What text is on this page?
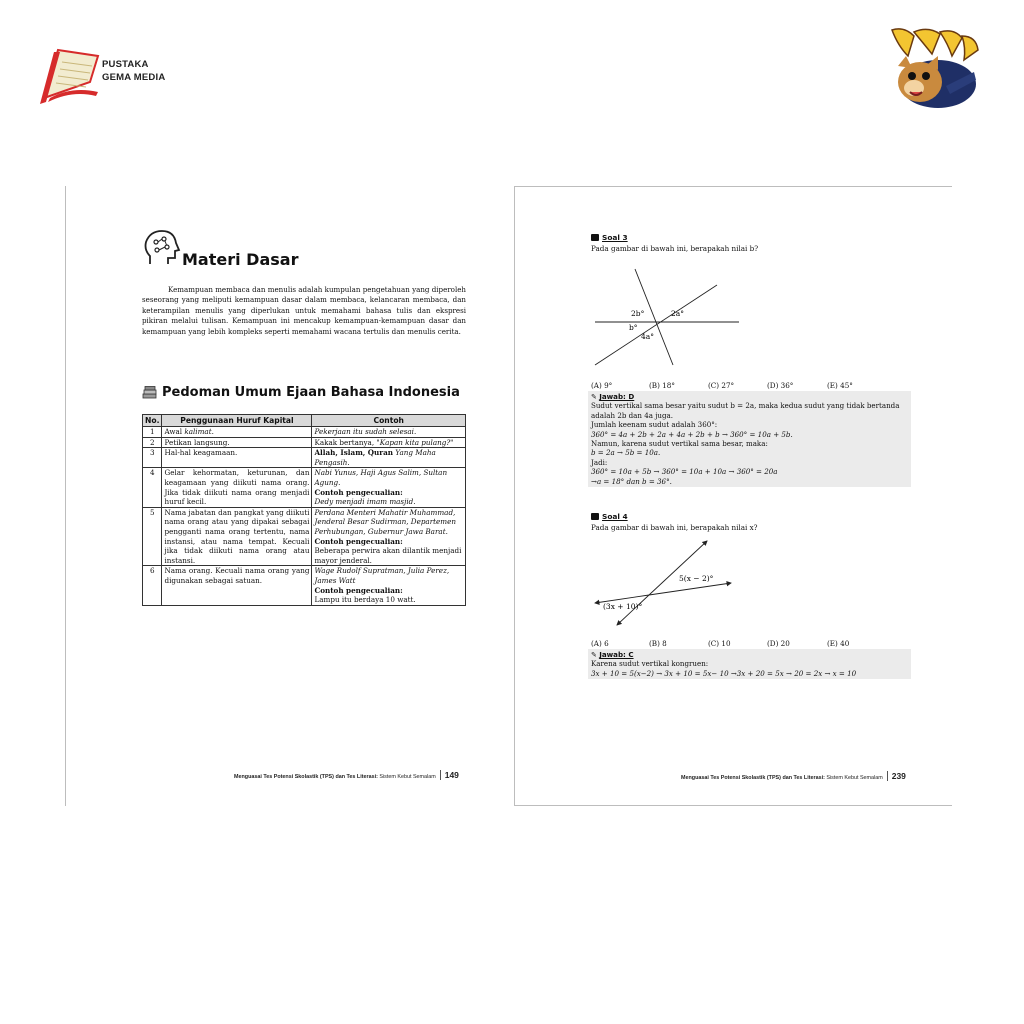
PUSTAKA
GEMA MEDIA
Materi Dasar

Kemampuan membaca dan menulis adalah kumpulan pengetahuan yang diperoleh seseorang yang meliputi kemampuan dasar dalam membaca, kelancaran membaca, dan keterampilan menulis yang diperlukan untuk memahami bahasa tulis dan ekspresi pikiran melalui tulisan. Kemampuan ini mencakup kemampuan-kemampuan dasar dan kemampuan yang lebih kompleks seperti memahami wacana tertulis dan menulis cerita.

Pedoman Umum Ejaan Bahasa Indonesia
No.	Penggunaan Huruf Kapital	Contoh
1	Awal kalimat.	Pekerjaan itu sudah selesai.
2	Petikan langsung.	Kakak bertanya, "Kapan kita pulang?"
3	Hal-hal keagamaan.	Allah, Islam, Quran Yang Maha Pengasih.
4	Gelar kehormatan, keturunan, dan keagamaan yang diikuti nama orang. Jika tidak diikuti nama orang menjadi huruf kecil.	Nabi Yunus, Haji Agus Salim, Sultan Agung.
Contoh pengecualian:
Dedy menjadi imam masjid.

5	Nama jabatan dan pangkat yang diikuti nama orang atau yang dipakai sebagai pengganti nama orang tertentu, nama instansi, atau nama tempat. Kecuali jika tidak diikuti nama orang atau instansi.	Perdana Menteri Mahatir Muhammad, Jenderal Besar Sudirman, Departemen Perhubungan, Gubernur Jawa Barat.
Contoh pengecualian:
Beberapa perwira akan dilantik menjadi mayor jenderal.

6	Nama orang. Kecuali nama orang yang digunakan sebagai satuan.	Wage Rudolf Supratman, Julia Perez, James Watt
Contoh pengecualian:
Lampu itu berdaya 10 watt.
Menguasai Tes Potensi Skolastik (TPS) dan Tes Literasi: Sistem Kebut Semalam 149
Soal 3
Pada gambar di bawah ini, berapakah nilai b?
2b°	2a°
b°
4a°
(A) 9°	(B) 18°	(C) 27°	(D) 36°	(E) 45°

✎ Jawab: D

Sudut vertikal sama besar yaitu sudut b = 2a, maka kedua sudut yang tidak bertanda adalah 2b dan 4a juga.

Jumlah keenam sudut adalah 360°:

360° = 4a + 2b + 2a + 4a + 2b + b → 360° = 10a + 5b.

Namun, karena sudut vertikal sama besar, maka:

b = 2a → 5b = 10a.

Jadi:

360° = 10a + 5b → 360° = 10a + 10a → 360° = 20a

→a = 18° dan b = 36°.

Soal 4
Pada gambar di bawah ini, berapakah nilai x?
5(x − 2)°
(3x + 10)°
(A) 6	(B) 8	(C) 10	(D) 20	(E) 40

✎ Jawab: C

Karena sudut vertikal kongruen:

3x + 10 = 5(x−2) → 3x + 10 = 5x− 10 →3x + 20 = 5x → 20 = 2x → x = 10

Menguasai Tes Potensi Skolastik (TPS) dan Tes Literasi: Sistem Kebut Semalam 239
